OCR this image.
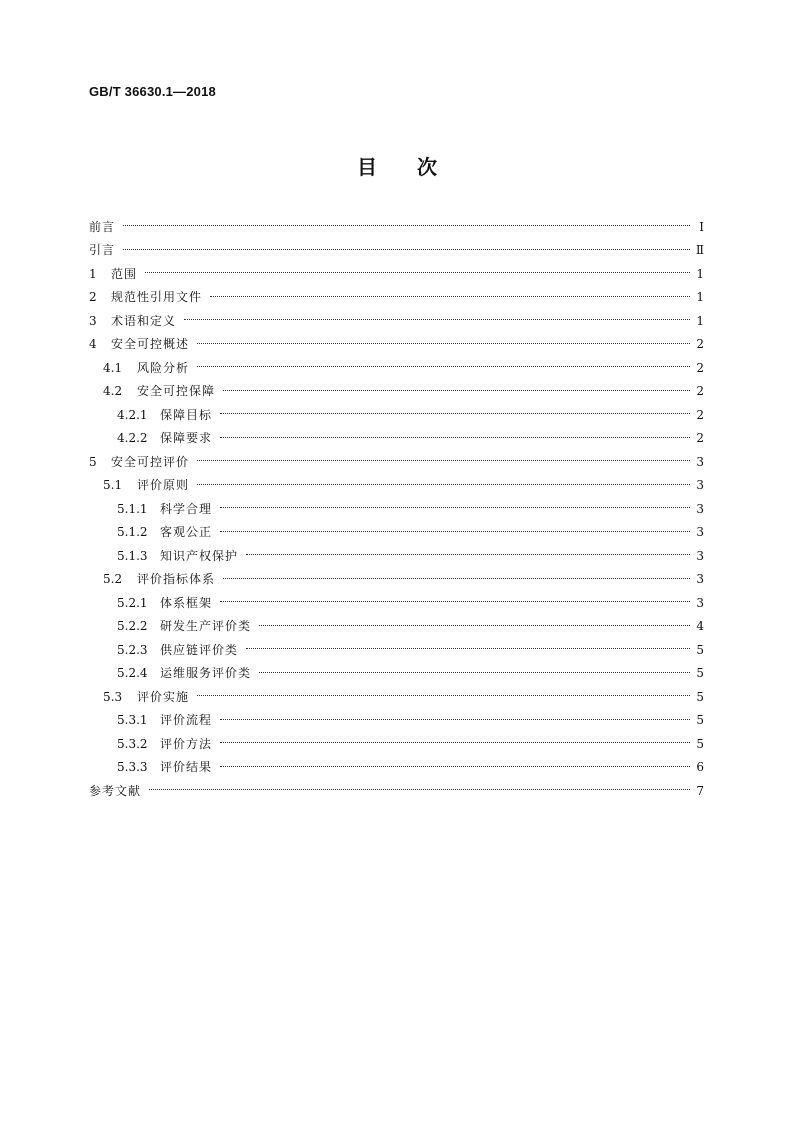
GB/T 36630.1—2018
目 次
前言	Ⅰ
引言	Ⅱ
1	范围	1
2	规范性引用文件	1
3	术语和定义	1
4	安全可控概述	2
4.1	风险分析	2
4.2	安全可控保障	2
4.2.1	保障目标	2
4.2.2	保障要求	2
5	安全可控评价	3
5.1	评价原则	3
5.1.1	科学合理	3
5.1.2	客观公正	3
5.1.3	知识产权保护	3
5.2	评价指标体系	3
5.2.1	体系框架	3
5.2.2	研发生产评价类	4
5.2.3	供应链评价类	5
5.2.4	运维服务评价类	5
5.3	评价实施	5
5.3.1	评价流程	5
5.3.2	评价方法	5
5.3.3	评价结果	6
参考文献	7
